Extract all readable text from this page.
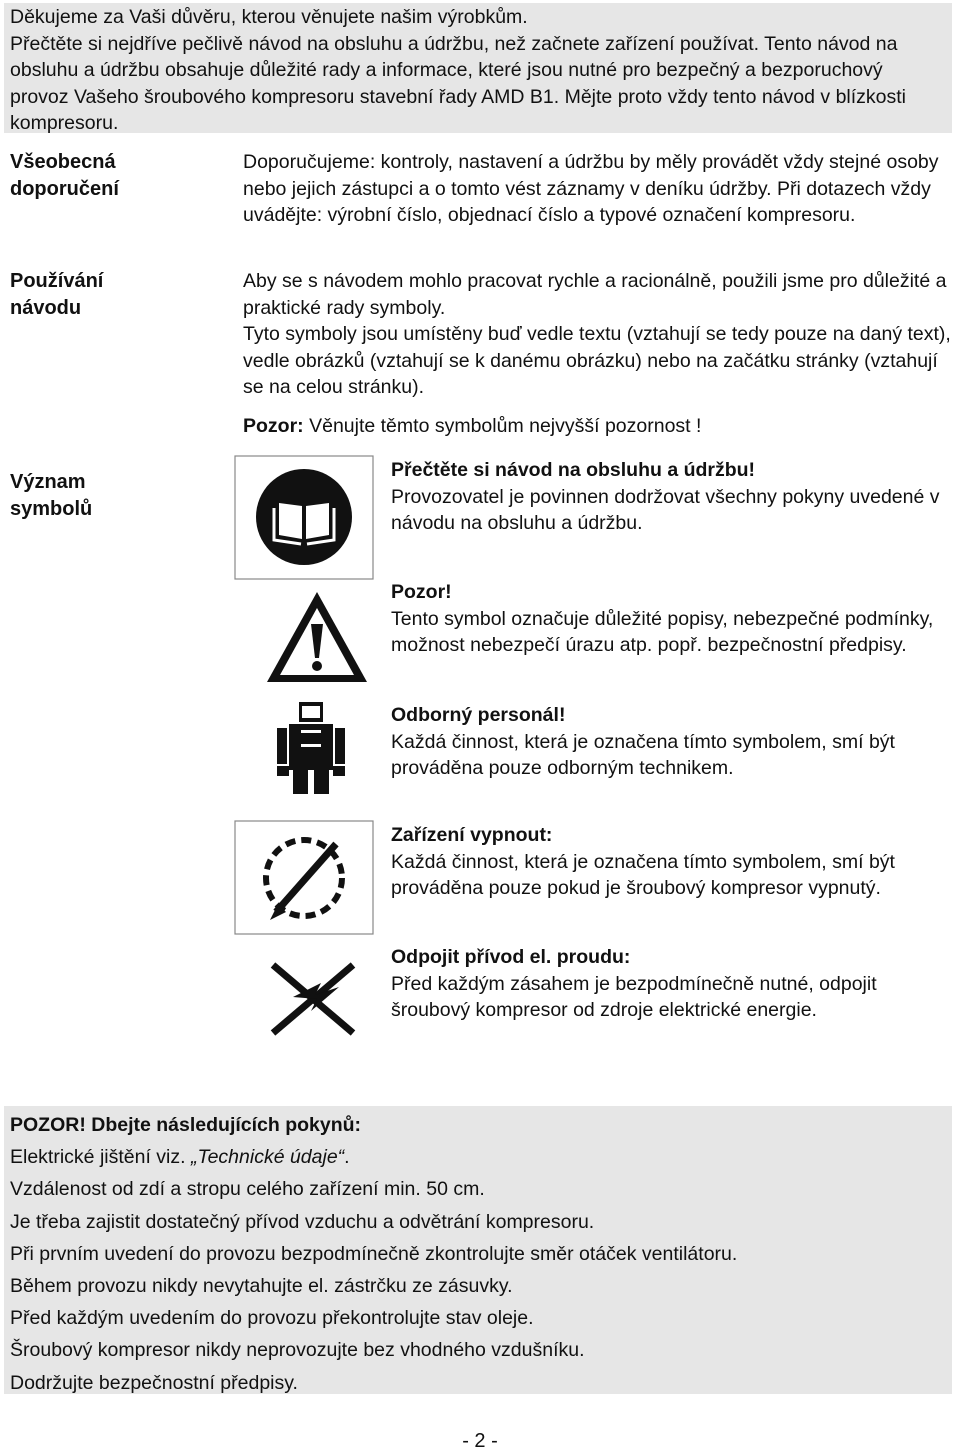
Děkujeme za Vaši důvěru, kterou věnujete našim výrobkům.

Přečtěte si nejdříve pečlivě návod na obsluhu a údržbu, než začnete zařízení používat. Tento návod na obsluhu a údržbu obsahuje důležité rady a informace, které jsou nutné pro bezpečný a bezporuchový provoz Vašeho šroubového kompresoru stavební řady AMD B1. Mějte proto vždy tento návod v blízkosti kompresoru.

Všeobecná
doporučení

Doporučujeme: kontroly, nastavení a údržbu by měly provádět vždy stejné osoby nebo jejich zástupci a o tomto vést záznamy v deníku údržby. Při dotazech vždy uvádějte: výrobní číslo, objednací číslo a typové označení kompresoru.

Používání
návodu

Aby se s návodem mohlo pracovat rychle a racionálně, použili jsme pro důležité a praktické rady symboly.

Tyto symboly jsou umístěny buď vedle textu (vztahují se tedy pouze na daný text), vedle obrázků (vztahují se k danému obrázku) nebo na začátku stránky (vztahují se na celou stránku).

Pozor: Věnujte těmto symbolům nejvyšší pozornost !

Význam
symbolů
Přečtěte si návod na obsluhu a údržbu!
Provozovatel je povinnen dodržovat všechny pokyny uvedené v návodu na obsluhu a údržbu.
Pozor!
Tento symbol označuje důležité popisy, nebezpečné podmínky, možnost nebezpečí úrazu atp. popř. bezpečnostní předpisy.
Odborný personál!
Každá činnost, která je označena tímto symbolem, smí být prováděna pouze odborným technikem.
Zařízení vypnout:
Každá činnost, která je označena tímto symbolem, smí být prováděna pouze pokud je šroubový kompresor vypnutý.
Odpojit přívod el. proudu:
Před každým zásahem je bezpodmínečně nutné, odpojit šroubový kompresor od zdroje elektrické energie.
POZOR! Dbejte následujících pokynů:
Elektrické jištění viz. „Technické údaje“.
Vzdálenost od zdí a stropu celého zařízení min. 50 cm.
Je třeba zajistit dostatečný přívod vzduchu a odvětrání kompresoru.
Při prvním uvedení do provozu bezpodmínečně zkontrolujte směr otáček ventilátoru.
Během provozu nikdy nevytahujte el. zástrčku ze zásuvky.
Před každým uvedením do provozu překontrolujte stav oleje.
Šroubový kompresor nikdy neprovozujte bez vhodného vzdušníku.
Dodržujte bezpečnostní předpisy.
- 2 -
